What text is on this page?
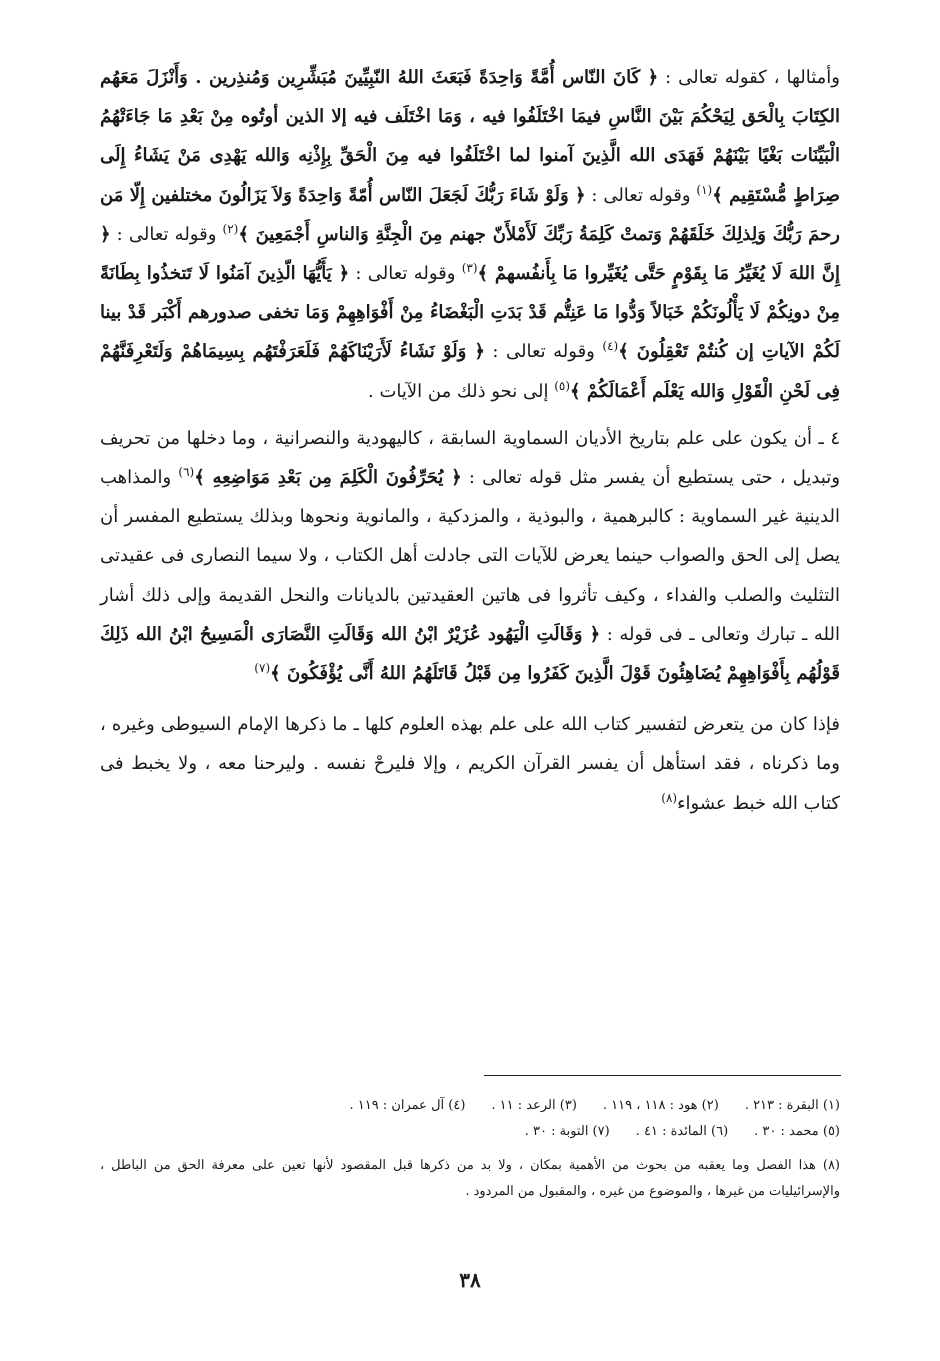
وأمثالها ، كقوله تعالى : ﴿ كَانَ النّاس أُمَّةً وَاحِدَةً فَبَعَثَ اللهُ النّبِيِّينَ مُبَشِّرِين وَمُنذِرين . وَأَنْزَلَ مَعَهُم الكِتَابَ بِالْحَق لِيَحْكُمَ بَيْنَ النَّاسِ فيمَا اخْتَلَفُوا فيه ، وَمَا اخْتَلَف فيه إلا الذين أوتُوه مِنْ بَعْدِ مَا جَاءَتْهُمُ الْبَيِّنَات بَغْيًا بَيْنَهُمْ فَهَدَى الله الَّذِينَ آمنوا لما اخْتَلَفُوا فيه مِنَ الْحَقِّ بِإِذْنِه وَالله يَهْدِى مَنْ يَشَاءُ إِلَى صِرَاطٍ مُّسْتَقِيم ﴾$^{(١)}$ وقوله تعالى : ﴿ وَلَوْ شَاءَ رَبُّكَ لَجَعَلَ النّاس أُمّةً وَاحِدَةً وَلاَ يَزَالُونَ مختلفين إِلّا مَن رحمَ رَبُّكَ وَلِذلِكَ خَلَقَهُمْ وَتمتْ كَلِمَةُ رَبِّكَ لَأَمْلأَنّ جهنم مِنَ الْجِنَّةِ وَالناسِ أَجْمَعِينَ ﴾$^{(٢)}$ وقوله تعالى : ﴿ إِنَّ اللهَ لَا يُغَيِّرُ مَا بِقَوْمٍ حَتَّى يُغَيِّروا مَا بِأَنفُسهمْ ﴾$^{(٣)}$ وقوله تعالى : ﴿ يَأَيُّهَا الّذِينَ آمَنُوا لَا تَتخذُوا بِطَانَةً مِنْ دونِكُمْ لَا يَأْلُونَكُمْ خَبَالاً وَدُّوا مَا عَنِتُّم قَدْ بَدَتِ الْبَغْضَاءُ مِنْ أَفْوَاهِهِمْ وَمَا تخفى صدورهم أَكْبَر قَدْ بينا لَكُمْ الآياتِ إن كُنتُمْ تَعْقِلُونَ ﴾$^{(٤)}$ وقوله تعالى : ﴿ وَلَوْ نَشَاءُ لَأَرَيْنَاكَهُمْ فَلَعَرَفْتَهُم بِسِيمَاهُمْ وَلَتَعْرِفَنَّهُمْ فِى لَحْنِ الْقَوْلِ وَالله يَعْلَم أَعْمَالَكُمْ ﴾$^{(٥)}$ إلى نحو ذلك من الآيات .

٤ ـ أن يكون على علم بتاريخ الأديان السماوية السابقة ، كاليهودية والنصرانية ، وما دخلها من تحريف وتبديل ، حتى يستطيع أن يفسر مثل قوله تعالى : ﴿ يُحَرِّفُونَ الْكَلِمَ مِن بَعْدِ مَوَاضِعِهِ ﴾$^{(٦)}$ والمذاهب الدينية غير السماوية : كالبرهمية ، والبوذية ، والمزدكية ، والمانوية ونحوها وبذلك يستطيع المفسر أن يصل إلى الحق والصواب حينما يعرض للآيات التى جادلت أهل الكتاب ، ولا سيما النصارى فى عقيدتى التثليث والصلب والفداء ، وكيف تأثروا فى هاتين العقيدتين بالديانات والنحل القديمة وإلى ذلك أشار الله ـ تبارك وتعالى ـ فى قوله : ﴿ وَقَالَتِ الْيَهُود عُزَيْرٌ ابْنُ الله وَقَالَتِ النَّصَارَى الْمَسِيحُ ابْنُ الله ذَلِكَ قَوْلُهُم بِأَفْوَاهِهِمْ يُضَاهِئُونَ قَوْلَ الَّذِينَ كَفَرُوا مِن قَبْلُ قَاتَلَهُمُ اللهُ أَنَّى يُؤْفَكُونَ ﴾$^{(٧)}$

فإذا كان من يتعرض لتفسير كتاب الله على علم بهذه العلوم كلها ـ ما ذكرها الإمام السيوطى وغيره ، وما ذكرناه ، فقد استأهل أن يفسر القرآن الكريم ، وإلا فليرحْ نفسه . وليرحنا معه ، ولا يخبط فى كتاب الله خبط عشواء$^{(٨)}$

(١) البقرة : ٢١٣ .
(٢) هود : ١١٨ ، ١١٩ .
(٣) الرعد : ١١ .
(٤) آل عمران : ١١٩ .
(٥) محمد : ٣٠ .
(٦) المائدة : ٤١ .
(٧) التوبة : ٣٠ .
(٨) هذا الفصل وما يعقبه من بحوث من الأهمية بمكان ، ولا بد من ذكرها قبل المقصود لأنها تعين على معرفة الحق من الباطل ، والإسرائيليات من غيرها ، والموضوع من غيره ، والمقبول من المردود .
٣٨
